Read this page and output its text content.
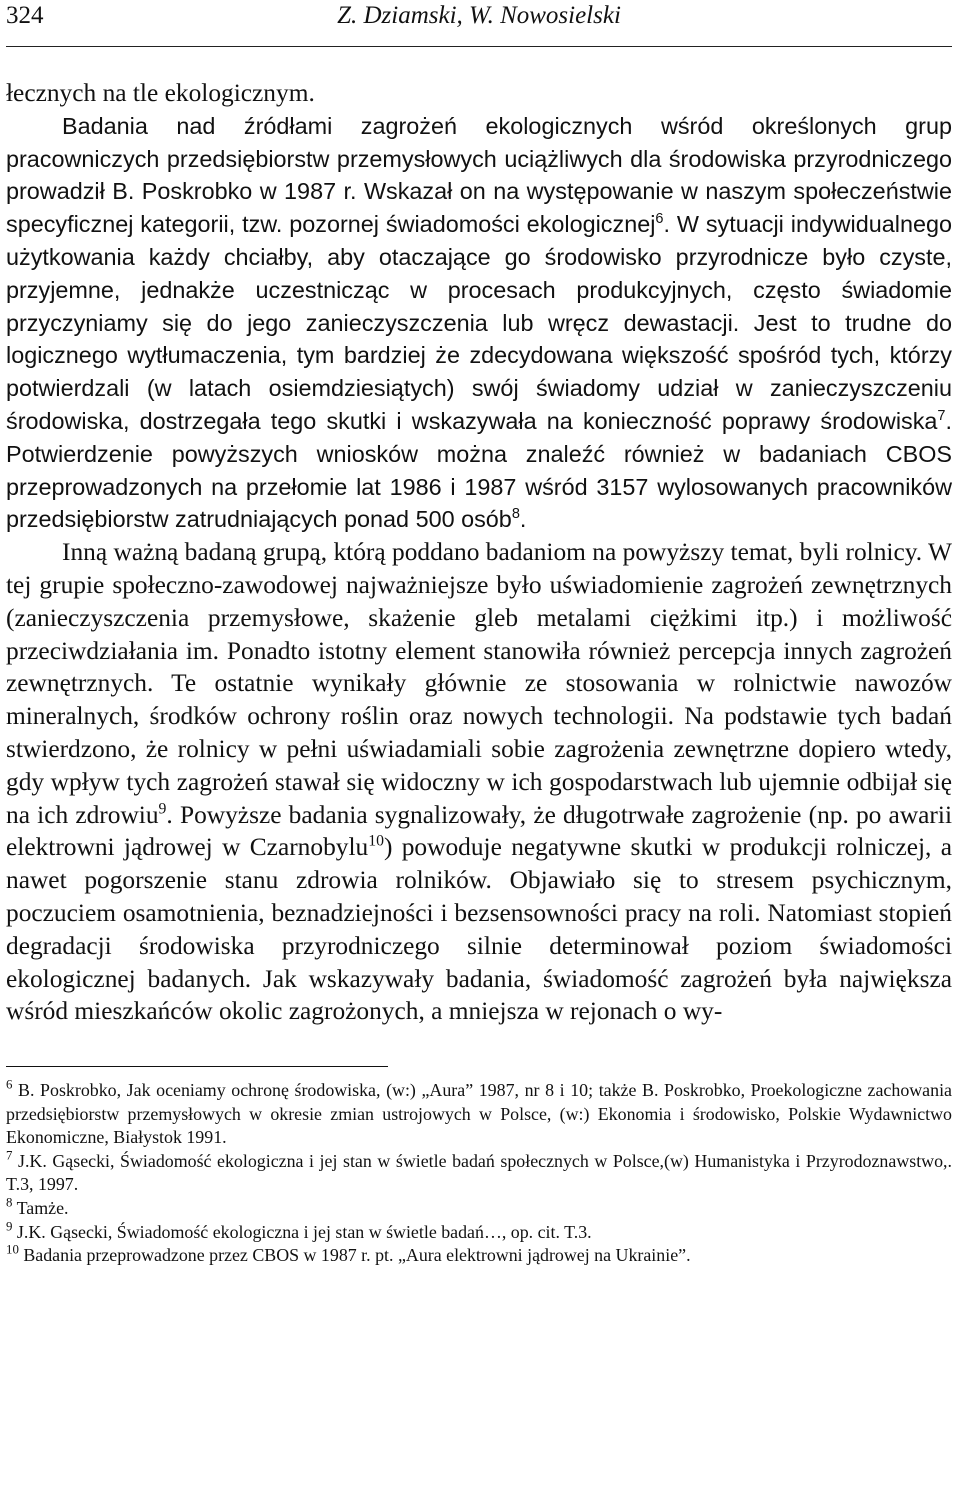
324	Z. Dziamski, W. Nowosielski

łecznych na tle ekologicznym.

Badania nad źródłami zagrożeń ekologicznych wśród określonych grup pracowniczych przedsiębiorstw przemysłowych uciążliwych dla środowiska przyrodniczego prowadził B. Poskrobko w 1987 r. Wskazał on na występowanie w naszym społeczeństwie specyficznej kategorii, tzw. pozornej świadomości ekologicznej$^6$. W sytuacji indywidualnego użytkowania każdy chciałby, aby otaczające go środowisko przyrodnicze było czyste, przyjemne, jednakże uczestnicząc w procesach produkcyjnych, często świadomie przyczyniamy się do jego zanieczyszczenia lub wręcz dewastacji. Jest to trudne do logicznego wytłumaczenia, tym bardziej że zdecydowana większość spośród tych, którzy potwierdzali (w latach osiemdziesiątych) swój świadomy udział w zanieczyszczeniu środowiska, dostrzegała tego skutki i wskazywała na konieczność poprawy środowiska$^7$. Potwierdzenie powyższych wniosków można znaleźć również w badaniach CBOS przeprowadzonych na przełomie lat 1986 i 1987 wśród 3157 wylosowanych pracowników przedsiębiorstw zatrudniających ponad 500 osób$^8$.

Inną ważną badaną grupą, którą poddano badaniom na powyższy temat, byli rolnicy. W tej grupie społeczno-zawodowej najważniejsze było uświadomienie zagrożeń zewnętrznych (zanieczyszczenia przemysłowe, skażenie gleb metalami ciężkimi itp.) i możliwość przeciwdziałania im. Ponadto istotny element stanowiła również percepcja innych zagrożeń zewnętrznych. Te ostatnie wynikały głównie ze stosowania w rolnictwie nawozów mineralnych, środków ochrony roślin oraz nowych technologii. Na podstawie tych badań stwierdzono, że rolnicy w pełni uświadamiali sobie zagrożenia zewnętrzne dopiero wtedy, gdy wpływ tych zagrożeń stawał się widoczny w ich gospodarstwach lub ujemnie odbijał się na ich zdrowiu$^9$. Powyższe badania sygnalizowały, że długotrwałe zagrożenie (np. po awarii elektrowni jądrowej w Czarnobylu$^{10}$) powoduje negatywne skutki w produkcji rolniczej, a nawet pogorszenie stanu zdrowia rolników. Objawiało się to stresem psychicznym, poczuciem osamotnienia, beznadziejności i bezsensowności pracy na roli. Natomiast stopień degradacji środowiska przyrodniczego silnie determinował poziom świadomości ekologicznej badanych. Jak wskazywały badania, świadomość zagrożeń była największa wśród mieszkańców okolic zagrożonych, a mniejsza w rejonach o wy-

$^6$ B. Poskrobko, Jak oceniamy ochronę środowiska, (w:) „Aura” 1987, nr 8 i 10; także B. Poskrobko, Proekologiczne zachowania przedsiębiorstw przemysłowych w okresie zmian ustrojowych w Polsce, (w:) Ekonomia i środowisko, Polskie Wydawnictwo Ekonomiczne, Białystok 1991.

$^7$ J.K. Gąsecki, Świadomość ekologiczna i jej stan w świetle badań społecznych w Polsce,(w) Humanistyka i Przyrodoznawstwo,. T.3, 1997.

$^8$ Tamże.

$^9$ J.K. Gąsecki, Świadomość ekologiczna i jej stan w świetle badań…, op. cit. T.3.

$^{10}$ Badania przeprowadzone przez CBOS w 1987 r. pt. „Aura elektrowni jądrowej na Ukrainie”.
